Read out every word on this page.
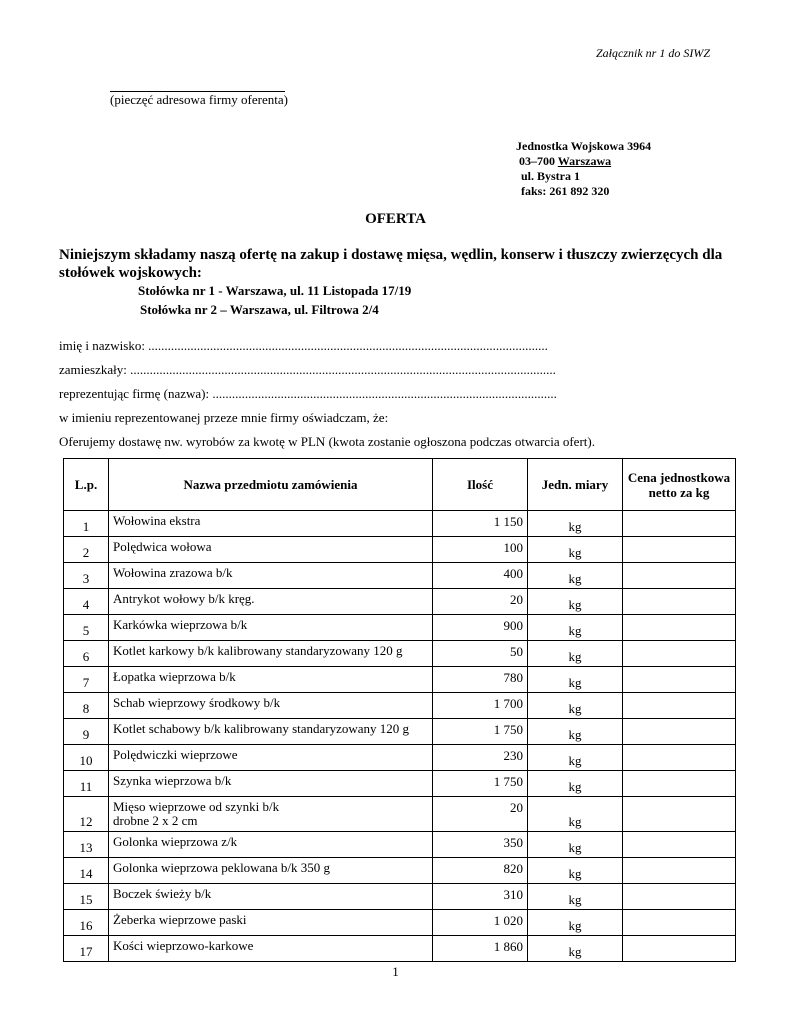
Załącznik nr 1 do SIWZ
(pieczęć adresowa firmy oferenta)
Jednostka Wojskowa 3964
03–700 Warszawa
ul. Bystra 1
faks: 261 892 320
OFERTA
Niniejszym składamy naszą ofertę na zakup i dostawę mięsa, wędlin, konserw i tłuszczy zwierzęcych dla stołówek wojskowych:
Stołówka nr 1 - Warszawa, ul. 11 Listopada 17/19
Stołówka nr 2 – Warszawa, ul. Filtrowa 2/4
imię i nazwisko: ...........................................................................................................................
zamieszkały: ...................................................................................................................................
reprezentując firmę (nazwa): ..........................................................................................................
w imieniu reprezentowanej przeze mnie firmy oświadczam, że:
Oferujemy dostawę nw. wyrobów za kwotę w PLN (kwota zostanie ogłoszona podczas otwarcia ofert).
L.p.	Nazwa przedmiotu zamówienia	Ilość	Jedn. miary	Cena jednostkowa netto za kg
1	Wołowina ekstra	1 150	kg	
2	Polędwica wołowa	100	kg	
3	Wołowina zrazowa b/k	400	kg	
4	Antrykot wołowy b/k kręg.	20	kg	
5	Karkówka wieprzowa b/k	900	kg	
6	Kotlet karkowy b/k kalibrowany standaryzowany 120 g	50	kg	
7	Łopatka wieprzowa b/k	780	kg	
8	Schab wieprzowy środkowy b/k	1 700	kg	
9	Kotlet schabowy b/k kalibrowany standaryzowany 120 g	1 750	kg	
10	Polędwiczki wieprzowe	230	kg	
11	Szynka wieprzowa b/k	1 750	kg	
12	Mięso wieprzowe od szynki b/k
drobne 2 x 2 cm	20	kg	
13	Golonka wieprzowa z/k	350	kg	
14	Golonka wieprzowa peklowana b/k 350 g	820	kg	
15	Boczek świeży b/k	310	kg	
16	Żeberka wieprzowe paski	1 020	kg	
17	Kości wieprzowo-karkowe	1 860	kg	
1
